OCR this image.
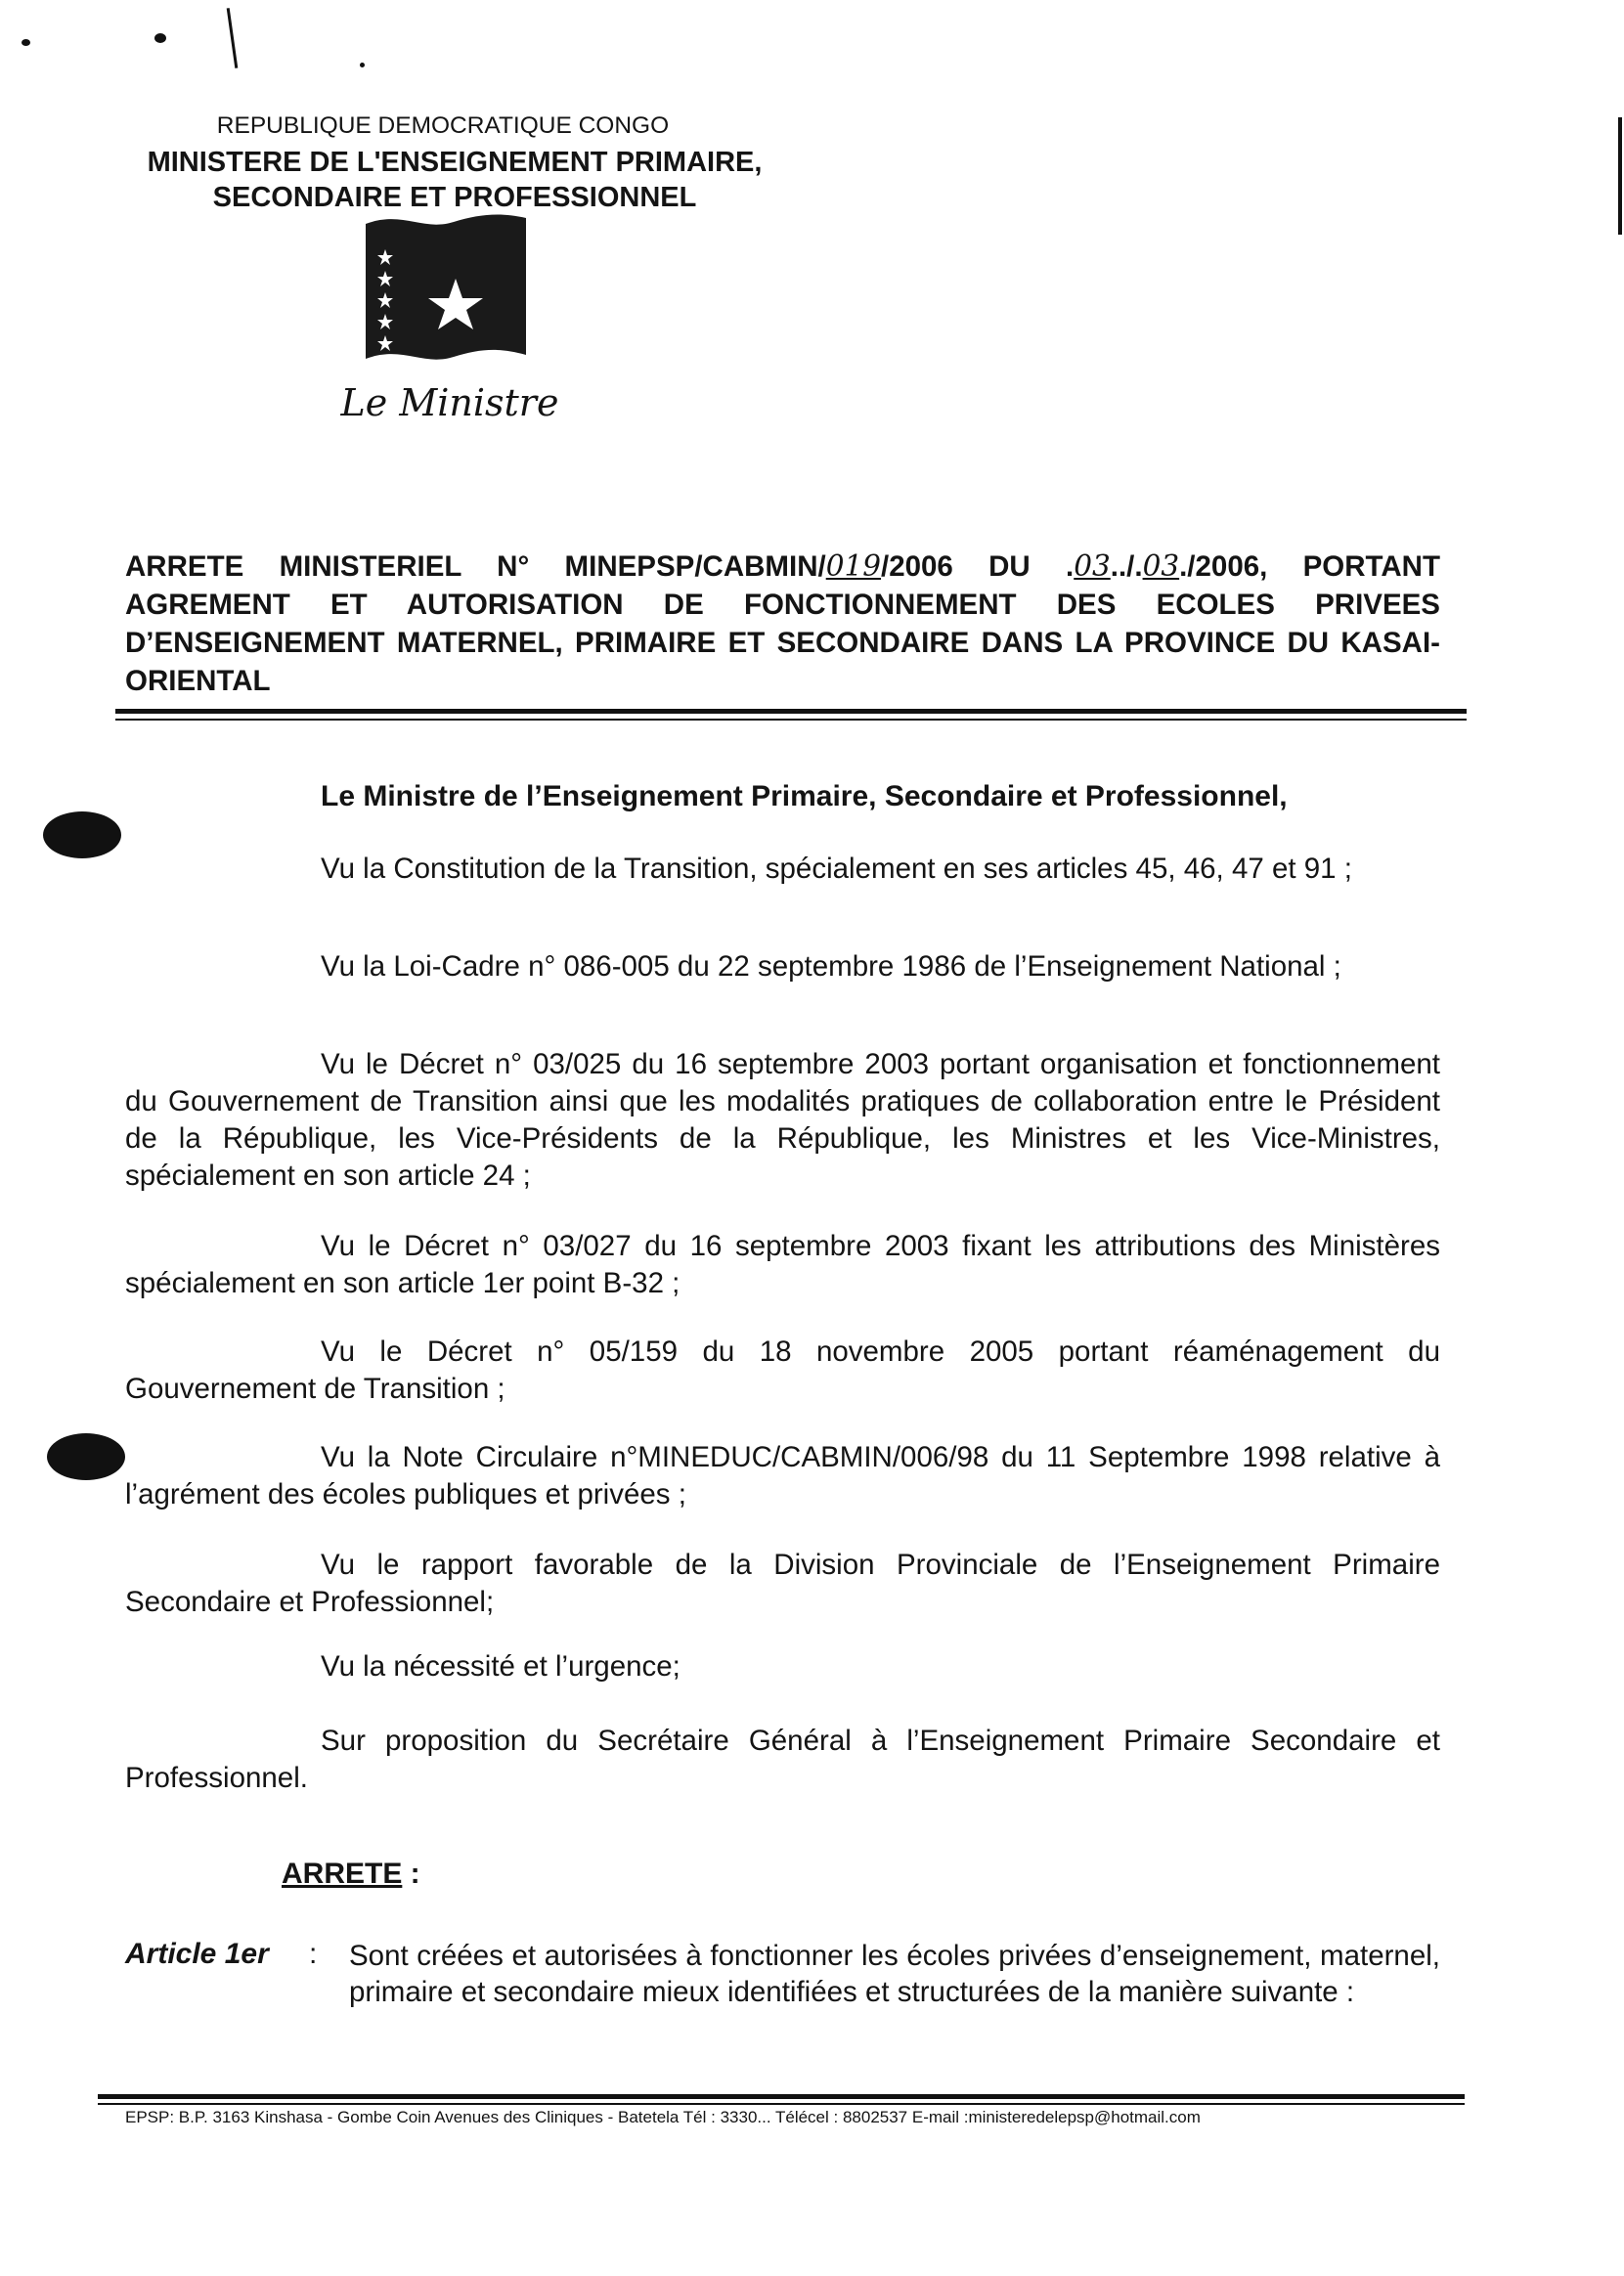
REPUBLIQUE DEMOCRATIQUE CONGO
MINISTERE DE L'ENSEIGNEMENT PRIMAIRE,
SECONDAIRE ET PROFESSIONNEL
Le Ministre
ARRETE MINISTERIEL N° MINEPSP/CABMIN/019/2006 DU .03../.03./2006, PORTANT AGREMENT ET AUTORISATION DE FONCTIONNEMENT DES ECOLES PRIVEES D’ENSEIGNEMENT MATERNEL, PRIMAIRE ET SECONDAIRE DANS LA PROVINCE DU KASAI-ORIENTAL
Le Ministre de l’Enseignement Primaire, Secondaire et Professionnel,
Vu la Constitution de la Transition, spécialement en ses articles 45, 46, 47 et 91 ;
Vu la Loi-Cadre n° 086-005 du 22 septembre 1986 de l’Enseignement National ;
Vu le Décret n° 03/025 du 16 septembre 2003 portant organisation et fonctionnement du Gouvernement de Transition ainsi que les modalités pratiques de collaboration entre le Président de la République, les Vice-Présidents de la République, les Ministres et les Vice-Ministres, spécialement en son article 24 ;
Vu le Décret n° 03/027 du 16 septembre 2003 fixant les attributions des Ministères spécialement en son article 1er point B-32 ;
Vu le Décret n° 05/159 du 18 novembre 2005 portant réaménagement du Gouvernement de Transition ;
Vu la Note Circulaire n°MINEDUC/CABMIN/006/98 du 11 Septembre 1998 relative à l’agrément des écoles publiques et privées ;
Vu le rapport favorable de la Division Provinciale de l’Enseignement Primaire Secondaire et Professionnel;
Vu la nécessité et l’urgence;
Sur proposition du Secrétaire Général à l’Enseignement Primaire Secondaire et Professionnel.
ARRETE :
Article 1er : Sont créées et autorisées à fonctionner les écoles privées d’enseignement, maternel, primaire et secondaire mieux identifiées et structurées de la manière suivante :
EPSP: B.P. 3163 Kinshasa - Gombe Coin Avenues des Cliniques - Batetela Tél : 3330... Télécel : 8802537 E-mail :ministeredelepsp@hotmail.com
